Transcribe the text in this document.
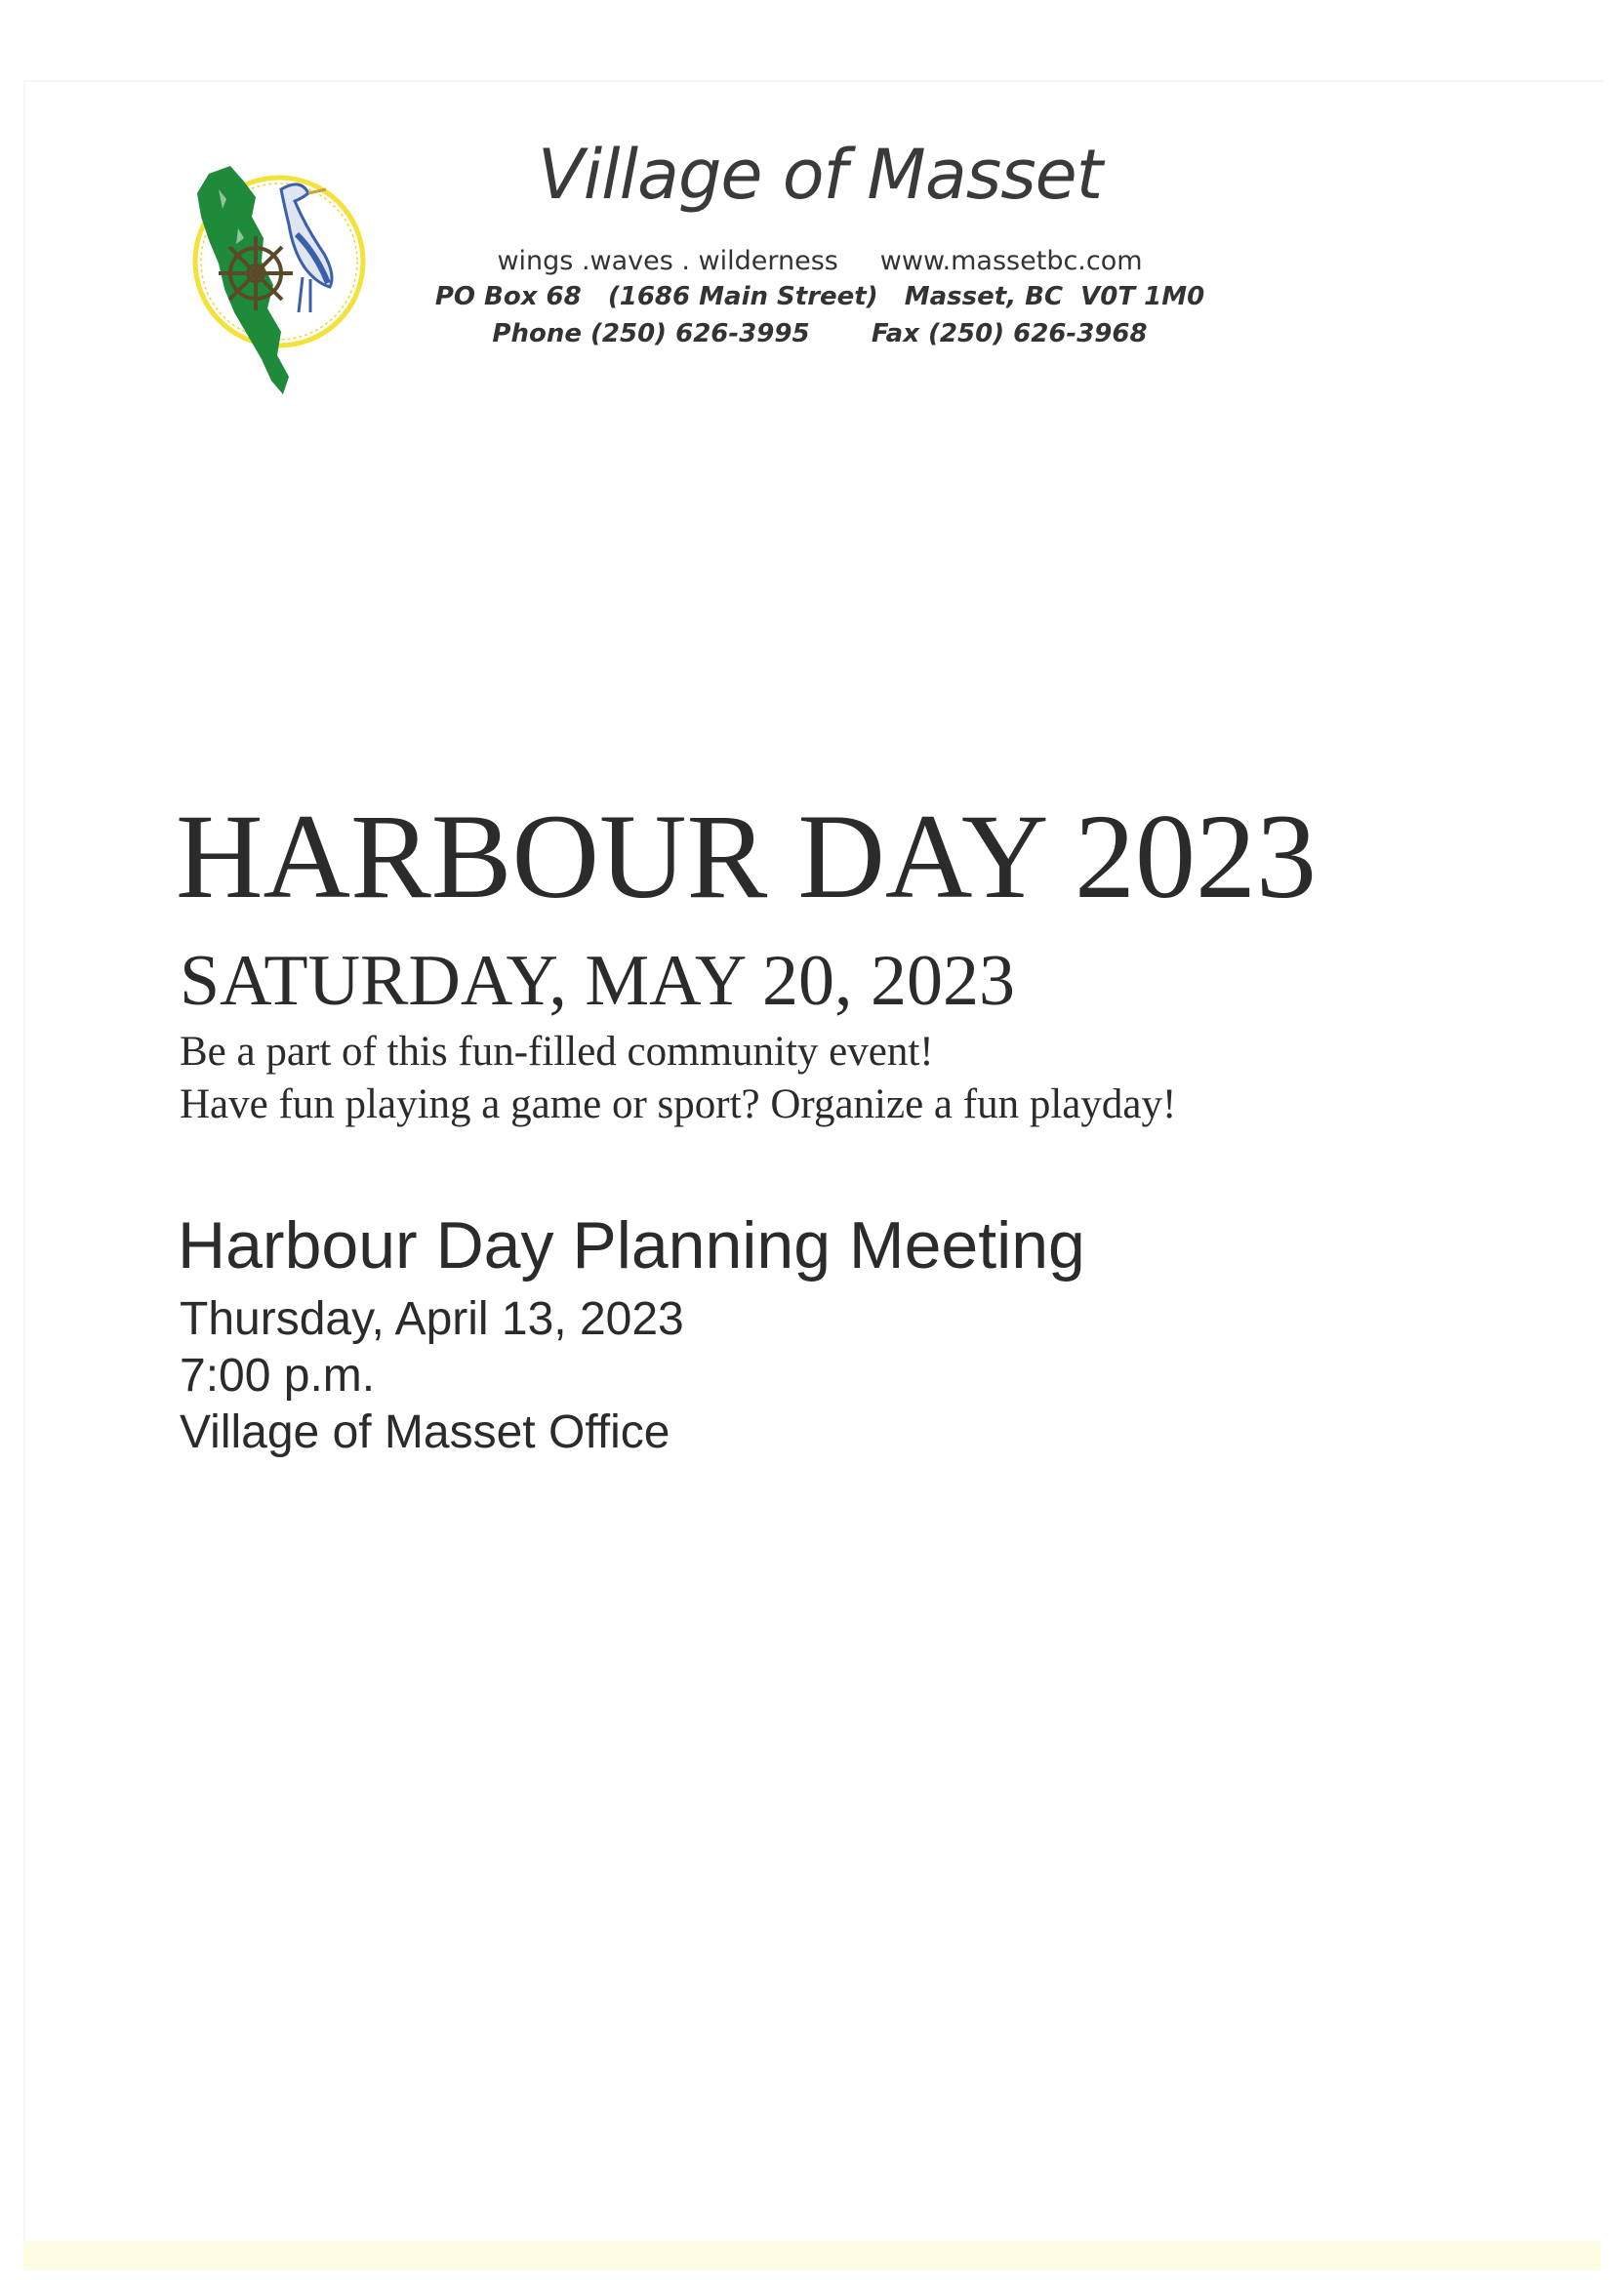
Village of Masset
wings .waves . wilderness     www.massetbc.com
PO Box 68   (1686 Main Street)   Masset, BC  V0T 1M0
Phone (250) 626-3995       Fax (250) 626-3968
HARBOUR DAY 2023
SATURDAY, MAY 20, 2023
Be a part of this fun-filled community event!
Have fun playing a game or sport? Organize a fun playday!
Harbour Day Planning Meeting
Thursday, April 13, 2023
7:00 p.m.
Village of Masset Office
